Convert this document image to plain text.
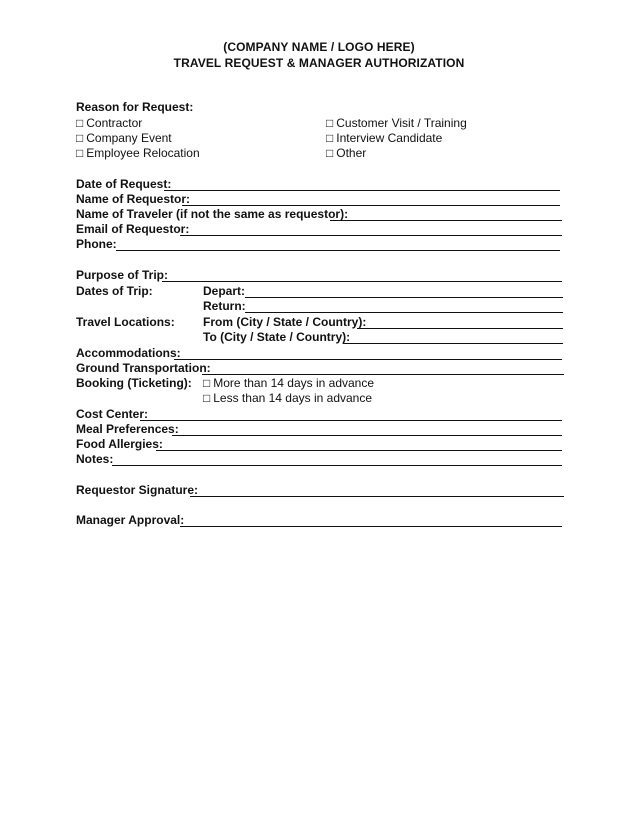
(COMPANY NAME / LOGO HERE)
TRAVEL REQUEST & MANAGER AUTHORIZATION
Reason for Request:
□ Contractor
□ Company Event
□ Employee Relocation
□ Customer Visit / Training
□ Interview Candidate
□ Other
Date of Request:
Name of Requestor:
Name of Traveler (if not the same as requestor):
Email of Requestor:
Phone:
Purpose of Trip:
Dates of Trip:	Depart:
Return:
Travel Locations: From (City / State / Country):
To (City / State / Country):
Accommodations:
Ground Transportation:
Booking (Ticketing): □ More than 14 days in advance
□ Less than 14 days in advance
Cost Center:
Meal Preferences:
Food Allergies:
Notes:
Requestor Signature:
Manager Approval:
